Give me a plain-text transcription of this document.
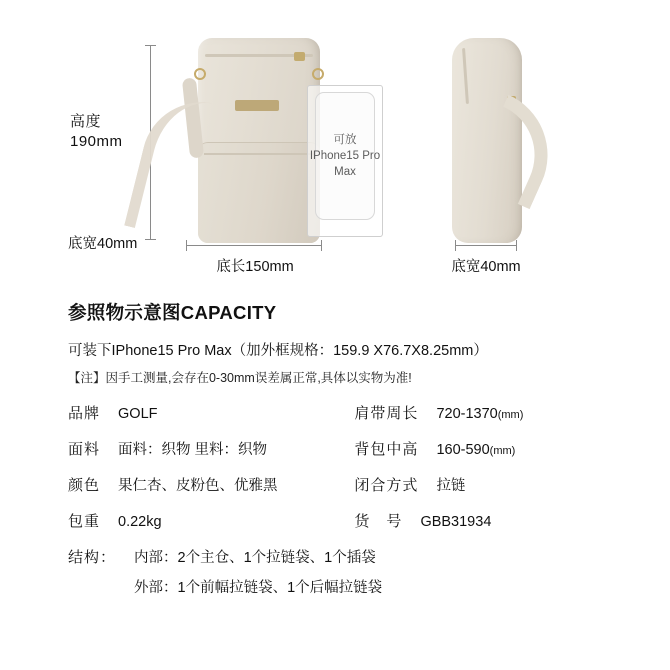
高度
190mm
底宽40mm
可放
IPhone15 Pro
Max
底长150mm	底宽40mm
参照物示意图CAPACITY
可装下IPhone15 Pro Max（加外框规格：159.9 X76.7X8.25mm）
【注】因手工测量,会存在0-30mm误差属正常,具体以实物为准!
品牌 GOLF	肩带周长 720-1370 (mm)
面料 面料：织物 里料：织物	背包中高 160-590 (mm)
颜色 果仁杏、皮粉色、优雅黑	闭合方式 拉链
包重 0.22kg	货　号 GBB31934
结构： 内部：2个主仓、1个拉链袋、1个插袋
外部：1个前幅拉链袋、1个后幅拉链袋
